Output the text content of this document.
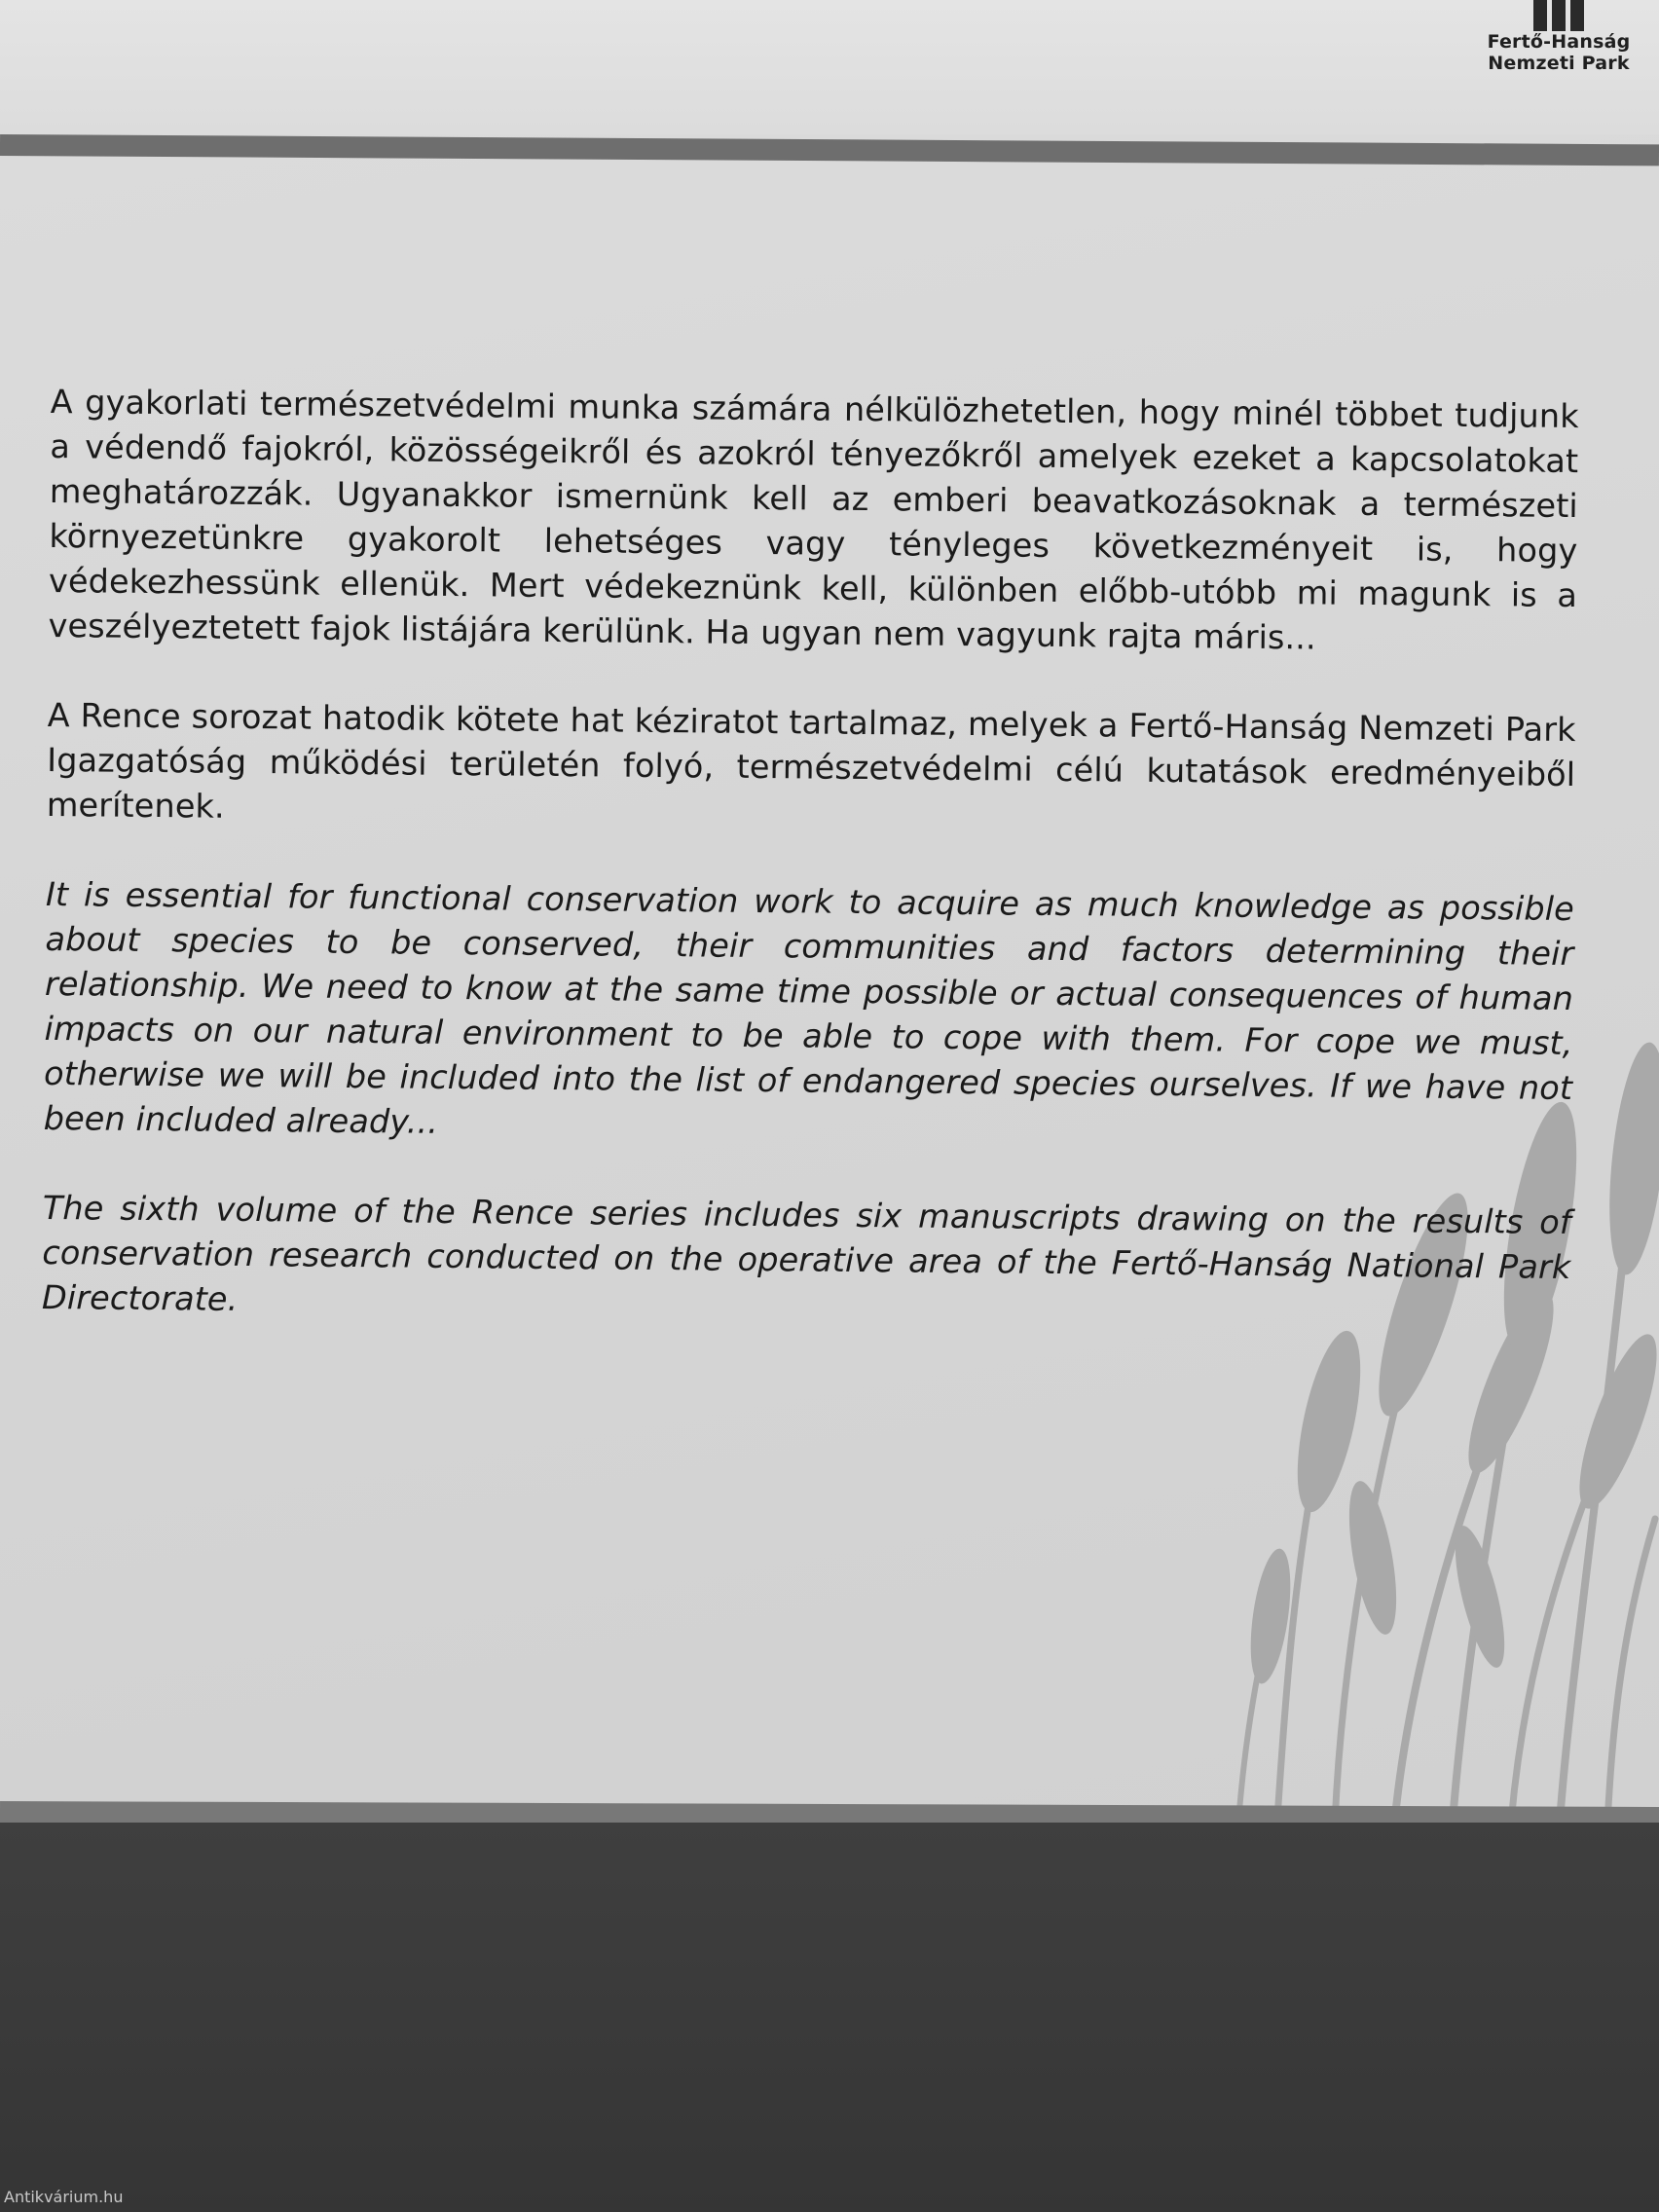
Fertő-Hanság
Nemzeti Park

A gyakorlati természetvédelmi munka számára nélkülözhetetlen, hogy minél többet tudjunk a védendő fajokról, közösségeikről és azokról tényezőkről amelyek ezeket a kapcsolatokat meghatározzák. Ugyanakkor ismernünk kell az emberi beavatkozásoknak a természeti környezetünkre gyakorolt lehetséges vagy tényleges következményeit is, hogy védekezhessünk ellenük. Mert védekeznünk kell, különben előbb-utóbb mi magunk is a veszélyeztetett fajok listájára kerülünk. Ha ugyan nem vagyunk rajta máris...

A Rence sorozat hatodik kötete hat kéziratot tartalmaz, melyek a Fertő-Hanság Nemzeti Park Igazgatóság működési területén folyó, természetvédelmi célú kutatások eredményeiből merítenek.

It is essential for functional conservation work to acquire as much knowledge as possible about species to be conserved, their communities and factors determining their relationship. We need to know at the same time possible or actual consequences of human impacts on our natural environment to be able to cope with them. For cope we must, otherwise we will be included into the list of endangered species ourselves. If we have not been included already...

The sixth volume of the Rence series includes six manuscripts drawing on the results of conservation research conducted on the operative area of the Fertő-Hanság National Park Directorate.

Antikvárium.hu
